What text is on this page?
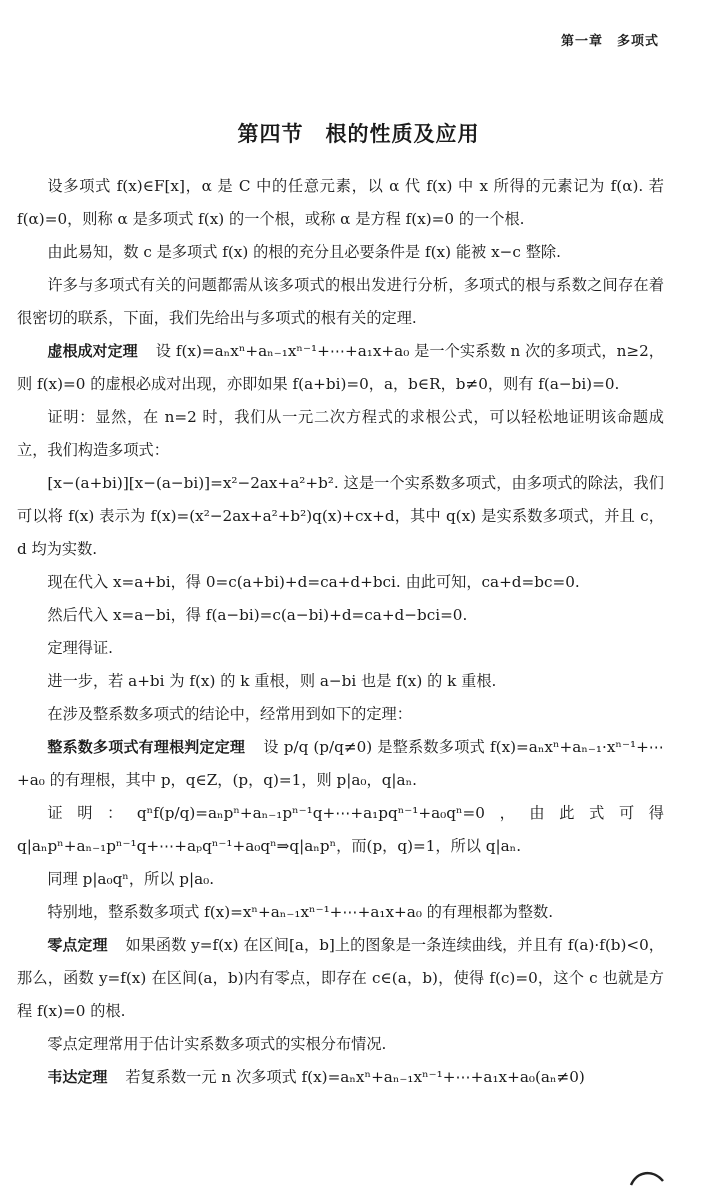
第一章 多项式
第四节　根的性质及应用

设多项式 f(x)∈F[x]，α 是 C 中的任意元素，以 α 代 f(x) 中 x 所得的元素记为 f(α). 若 f(α)=0，则称 α 是多项式 f(x) 的一个根，或称 α 是方程 f(x)=0 的一个根.

由此易知，数 c 是多项式 f(x) 的根的充分且必要条件是 f(x) 能被 x−c 整除.

许多与多项式有关的问题都需从该多项式的根出发进行分析，多项式的根与系数之间存在着很密切的联系，下面，我们先给出与多项式的根有关的定理.

虚根成对定理 设 f(x)=aₙxⁿ+aₙ₋₁xⁿ⁻¹+⋯+a₁x+a₀ 是一个实系数 n 次的多项式，n≥2，则 f(x)=0 的虚根必成对出现，亦即如果 f(a+bi)=0，a，b∈R，b≠0，则有 f(a−bi)=0.

证明：显然，在 n=2 时，我们从一元二次方程式的求根公式，可以轻松地证明该命题成立，我们构造多项式：

[x−(a+bi)][x−(a−bi)]=x²−2ax+a²+b². 这是一个实系数多项式，由多项式的除法，我们可以将 f(x) 表示为 f(x)=(x²−2ax+a²+b²)q(x)+cx+d，其中 q(x) 是实系数多项式，并且 c，d 均为实数.

现在代入 x=a+bi，得 0=c(a+bi)+d=ca+d+bci. 由此可知，ca+d=bc=0.

然后代入 x=a−bi，得 f(a−bi)=c(a−bi)+d=ca+d−bci=0.

定理得证.

进一步，若 a+bi 为 f(x) 的 k 重根，则 a−bi 也是 f(x) 的 k 重根.

在涉及整系数多项式的结论中，经常用到如下的定理：

整系数多项式有理根判定定理 设 p/q (p/q≠0) 是整系数多项式 f(x)=aₙxⁿ+aₙ₋₁·xⁿ⁻¹+⋯+a₀ 的有理根，其中 p，q∈Z，(p，q)=1，则 p|a₀，q|aₙ.

证明：qⁿf(p/q)=aₙpⁿ+aₙ₋₁pⁿ⁻¹q+⋯+a₁pqⁿ⁻¹+a₀qⁿ=0，由此式可得 q|aₙpⁿ+aₙ₋₁pⁿ⁻¹q+⋯+aₚqⁿ⁻¹+a₀qⁿ⇒q|aₙpⁿ，而(p，q)=1，所以 q|aₙ.

同理 p|a₀qⁿ，所以 p|a₀.

特别地，整系数多项式 f(x)=xⁿ+aₙ₋₁xⁿ⁻¹+⋯+a₁x+a₀ 的有理根都为整数.

零点定理 如果函数 y=f(x) 在区间[a，b]上的图象是一条连续曲线，并且有 f(a)·f(b)<0，那么，函数 y=f(x) 在区间(a，b)内有零点，即存在 c∈(a，b)，使得 f(c)=0，这个 c 也就是方程 f(x)=0 的根.

零点定理常用于估计实系数多项式的实根分布情况.

韦达定理 若复系数一元 n 次多项式 f(x)=aₙxⁿ+aₙ₋₁xⁿ⁻¹+⋯+a₁x+a₀(aₙ≠0)
